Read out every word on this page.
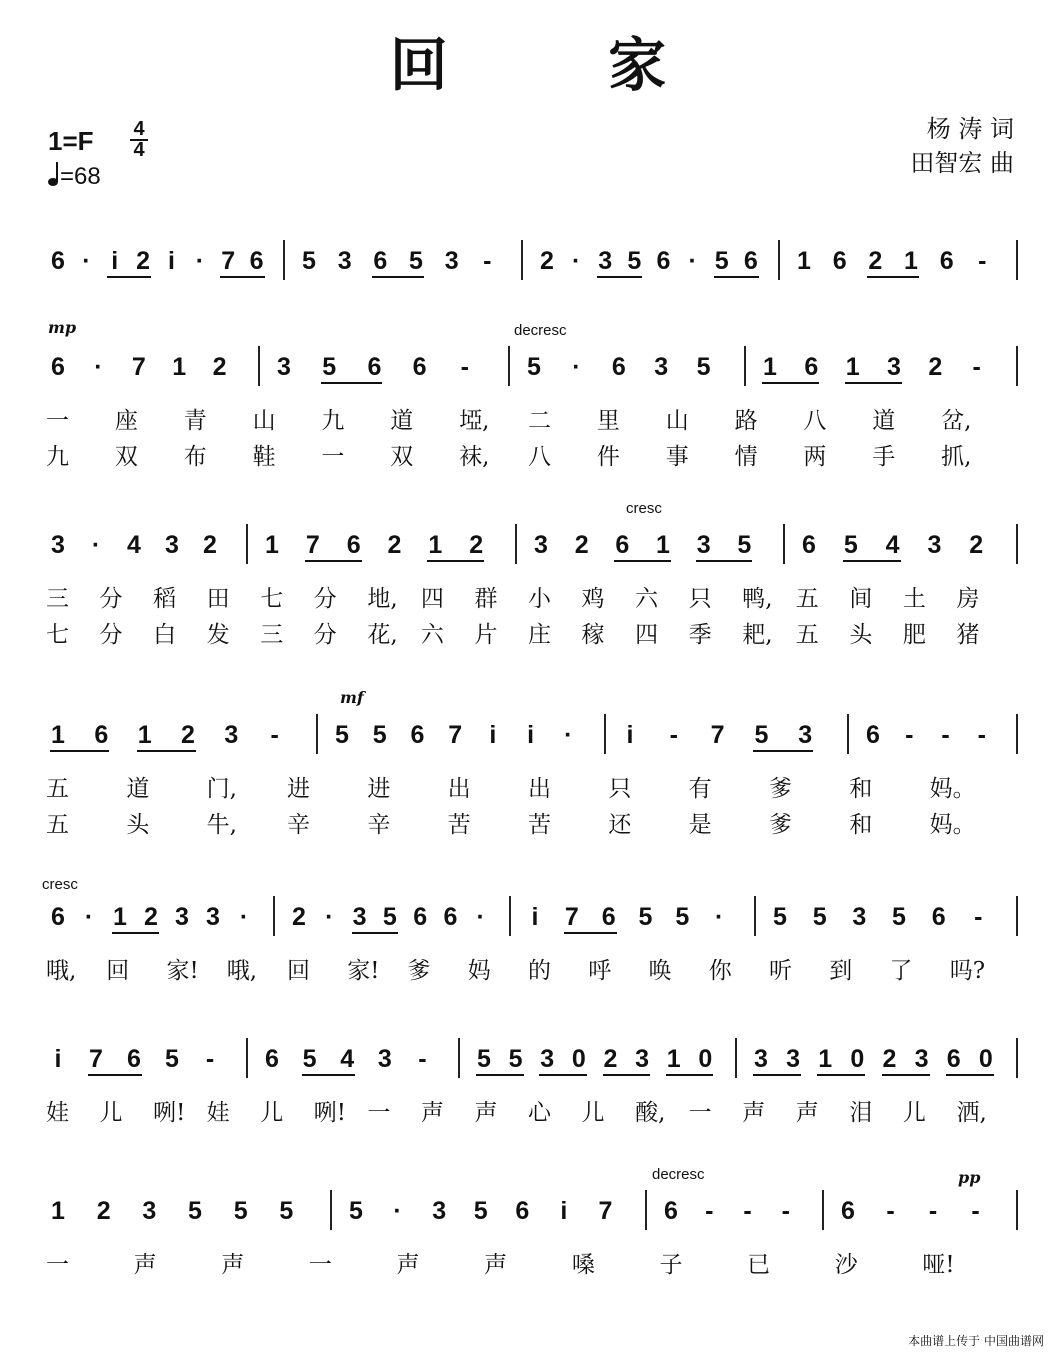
回 家
1=F 4
4
=68
杨 涛 词
田智宏 曲
6 · i 2 i · 7 6 5 3 6 5 3 -	2 · 3 5 6 · 5 6 1 6 2 1 6 -
6	·	7 1 2 3 5 6 6	-	5	·	6 3 5 1 6 1 3 2	-
一 座 青 山 九 道 埡, 二 里 山 路 八 道 岔,
九 双 布 鞋 一 双 袜, 八 件 事 情 两 手 抓,
3	·	4 3 2 1 7 6 2 1 2 3 2 6 1 3 5 6 5 4 3 2
三 分 稻 田 七 分 地, 四 群 小 鸡 六 只 鸭, 五 间 土 房
七 分 白 发 三 分 花, 六 片 庄 稼 四 季 耙, 五 头 肥 猪
1 6 1 2 3	-	5 5 6 7	i	i	·	i	-	7 5 3 6	-	-	-
五 道 门, 进 进 出 出 只 有 爹 和 妈。
五 头 牛, 辛 辛 苦 苦 还 是 爹 和 妈。
6 · 1 2 3 3 ·	2 · 3 5 6 6 ·	i	7 6 5 5	·	5 5 3 5 6	-
哦, 回 家! 哦, 回 家! 爹 妈 的 呼 唤 你 听 到 了 吗?
i	7 6 5	-	6 5 4 3	-	5 5 3 0 2 3 1 0 3 3 1 0 2 3 6 0
娃 儿 咧! 娃 儿 咧! 一 声 声 心 儿 酸, 一 声 声 泪 儿 洒,
1 2 3 5 5 5 5	·	3 5 6	i	7 6	-	-	-	6	-	-	-
一	声	声	一	声	声	嗓	子	已	沙	哑!
mp	decresc
cresc
mf
cresc
decresc	pp
本曲谱上传于 中国曲谱网
